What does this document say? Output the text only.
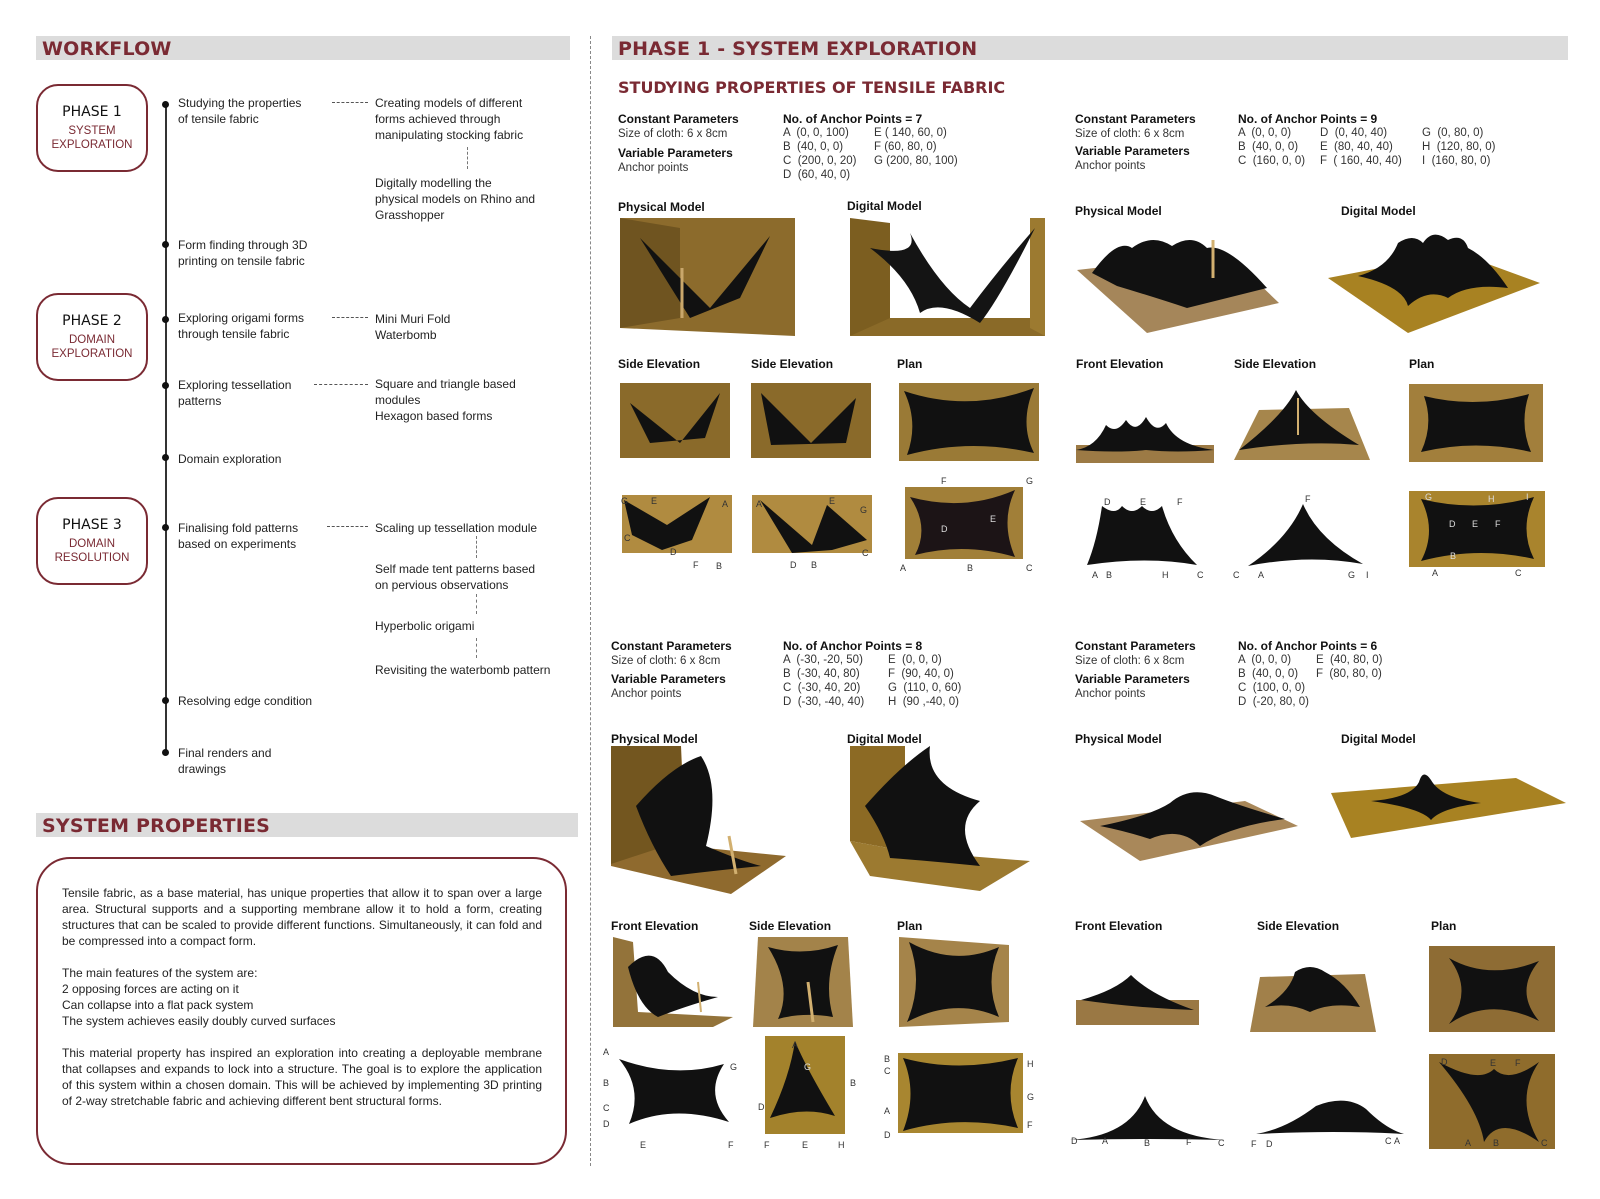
WORKFLOW
PHASE 1
SYSTEM
EXPLORATION
PHASE 2
DOMAIN
EXPLORATION
PHASE 3
DOMAIN
RESOLUTION
Studying the properties
of tensile fabric
Form finding through 3D
printing on tensile fabric
Exploring origami forms
through tensile fabric
Exploring tessellation
patterns
Domain exploration
Finalising fold patterns
based on experiments
Resolving edge condition
Final renders and
drawings
Creating models of different
forms achieved through
manipulating stocking fabric
Digitally modelling the
physical models on Rhino and
Grasshopper
Mini Muri Fold
Waterbomb
Square and triangle based
modules
Hexagon based forms
Scaling up tessellation module
Self made tent patterns based
on pervious observations
Hyperbolic origami
Revisiting the waterbomb pattern
SYSTEM PROPERTIES
Tensile fabric, as a base material, has unique properties that allow it to span over a large area. Structural supports and a supporting membrane allow it to hold a form, creating structures that can be scaled to provide different functions. Simultaneously, it can fold and be compressed into a compact form.
The main features of the system are:
2 opposing forces are acting on it
Can collapse into a flat pack system
The system achieves easily doubly curved surfaces
This material property has inspired an exploration into creating a deployable membrane that collapses and expands to lock into a structure. The goal is to explore the application of this system within a chosen domain. This will be achieved by implementing 3D printing of 2-way stretchable fabric and achieving different bent structural forms.
PHASE 1 - SYSTEM EXPLORATION
STUDYING PROPERTIES OF TENSILE FABRIC
Constant Parameters
Size of cloth: 6 x 8cm
Variable Parameters
Anchor points
No. of Anchor Points = 7
A  (0, 0, 100)
B  (40, 0, 0)
C  (200, 0, 20)
D  (60, 40, 0)
E ( 140, 60, 0)
F (60, 80, 0)
G (200, 80, 100)
Constant Parameters
Size of cloth: 6 x 8cm
Variable Parameters
Anchor points
No. of Anchor Points = 9
A  (0, 0, 0)
B  (40, 0, 0)
C  (160, 0, 0)
D  (0, 40, 40)
E  (80, 40, 40)
F  ( 160, 40, 40)
G  (0, 80, 0)
H  (120, 80, 0)
I  (160, 80, 0)
Physical Model	Digital Model
Side Elevation	Side Elevation	Plan
G	E	A
C
D
F B
A	E
G
C
D B
F	G
D
E
A	B	C
Physical Model	Digital Model
Front Elevation	Side Elevation	Plan
D	E	F
A B	H	C
F
C A	G I
G	H	I
D E F
B
A	C
Constant Parameters
Size of cloth: 6 x 8cm
Variable Parameters
Anchor points
No. of Anchor Points = 8
A  (-30, -20, 50)
B  (-30, 40, 80)
C  (-30, 40, 20)
D  (-30, -40, 40)
E  (0, 0, 0)
F  (90, 40, 0)
G  (110, 0, 60)
H  (90 ,-40, 0)
Constant Parameters
Size of cloth: 6 x 8cm
Variable Parameters
Anchor points
No. of Anchor Points = 6
A  (0, 0, 0)
B  (40, 0, 0)
C  (100, 0, 0)
D  (-20, 80, 0)
E  (40, 80, 0)
F  (80, 80, 0)
Physical Model	Digital Model
Front Elevation	Side Elevation	Plan
A
G
B
C
D
E	F
A
G
B
D
F	E	H
B
C
H
G
A
F
D
Physical Model	Digital Model
Front Elevation	Side Elevation	Plan
D	A	B	F	C	F D	C A
D	E F
A B	C
